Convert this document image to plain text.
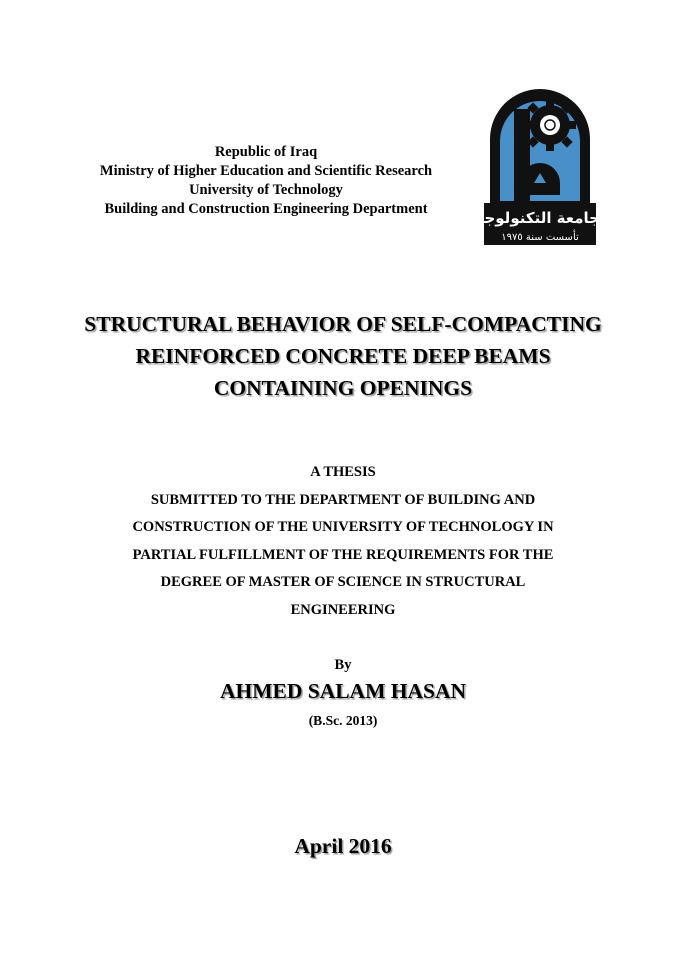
Republic of Iraq
Ministry of Higher Education and Scientific Research
University of Technology
Building and Construction Engineering Department	الجامعة التكنولوجية
تأسست سنة ١٩٧٥
STRUCTURAL BEHAVIOR OF SELF-COMPACTING
REINFORCED CONCRETE DEEP BEAMS
CONTAINING OPENINGS
A THESIS
SUBMITTED TO THE DEPARTMENT OF BUILDING AND
CONSTRUCTION OF THE UNIVERSITY OF TECHNOLOGY IN
PARTIAL FULFILLMENT OF THE REQUIREMENTS FOR THE
DEGREE OF MASTER OF SCIENCE IN STRUCTURAL
ENGINEERING
By
AHMED SALAM HASAN
(B.Sc. 2013)
April 2016
